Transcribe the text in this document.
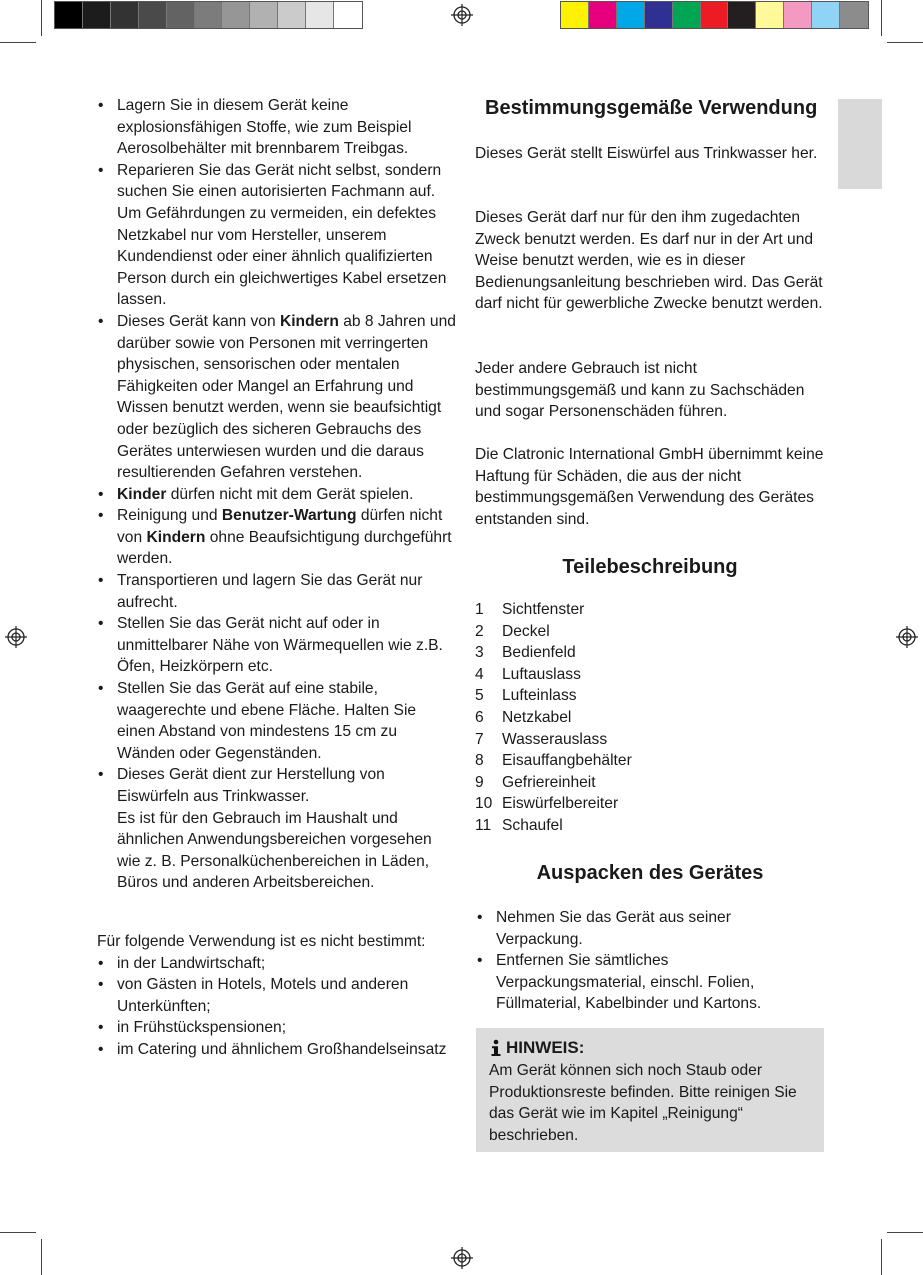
• Lagern Sie in diesem Gerät keine explosionsfähigen Stoffe, wie zum Beispiel Aerosolbehälter mit brennbarem Treibgas.
• Reparieren Sie das Gerät nicht selbst, sondern suchen Sie einen autorisierten Fachmann auf. Um Gefährdungen zu vermeiden, ein defektes Netzkabel nur vom Hersteller, unserem Kundendienst oder einer ähnlich qualifizierten Person durch ein gleichwertiges Kabel ersetzen lassen.
• Dieses Gerät kann von Kindern ab 8 Jahren und darüber sowie von Personen mit verringerten physischen, sensorischen oder mentalen Fähigkeiten oder Mangel an Erfahrung und Wissen benutzt werden, wenn sie beaufsichtigt oder bezüglich des sicheren Gebrauchs des Gerätes unterwiesen wurden und die daraus resultierenden Gefahren verstehen.
• Kinder dürfen nicht mit dem Gerät spielen.
• Reinigung und Benutzer-Wartung dürfen nicht von Kindern ohne Beaufsichtigung durchgeführt werden.
• Transportieren und lagern Sie das Gerät nur aufrecht.
• Stellen Sie das Gerät nicht auf oder in unmittelbarer Nähe von Wärmequellen wie z.B. Öfen, Heizkörpern etc.
• Stellen Sie das Gerät auf eine stabile, waagerechte und ebene Fläche. Halten Sie einen Abstand von mindestens 15 cm zu Wänden oder Gegenständen.
• Dieses Gerät dient zur Herstellung von Eiswürfeln aus Trinkwasser.
Es ist für den Gebrauch im Haushalt und ähnlichen Anwendungsbereichen vorgesehen wie z. B. Personalküchenbereichen in Läden, Büros und anderen Arbeitsbereichen.

Für folgende Verwendung ist es nicht bestimmt:

• in der Landwirtschaft;
• von Gästen in Hotels, Motels und anderen Unterkünften;
• in Frühstückspensionen;
• im Catering und ähnlichem Großhandelseinsatz
Bestimmungsgemäße Verwendung

Dieses Gerät stellt Eiswürfel aus Trinkwasser her.

Dieses Gerät darf nur für den ihm zugedachten Zweck benutzt werden. Es darf nur in der Art und Weise benutzt werden, wie es in dieser Bedienungsanleitung beschrieben wird. Das Gerät darf nicht für gewerbliche Zwecke benutzt werden.

Jeder andere Gebrauch ist nicht bestimmungsgemäß und kann zu Sachschäden und sogar Personenschäden führen.

Die Clatronic International GmbH übernimmt keine Haftung für Schäden, die aus der nicht bestimmungsgemäßen Verwendung des Gerätes entstanden sind.

Teilebeschreibung
1	Sichtfenster
2	Deckel
3	Bedienfeld
4	Luftauslass
5	Lufteinlass
6	Netzkabel
7	Wasserauslass
8	Eisauffangbehälter
9	Gefriereinheit
10 Eiswürfelbereiter
11 Schaufel
Auspacken des Gerätes
• Nehmen Sie das Gerät aus seiner Verpackung.
• Entfernen Sie sämtliches Verpackungsmaterial, einschl. Folien, Füllmaterial, Kabelbinder und Kartons.
HINWEIS:

Am Gerät können sich noch Staub oder Produktionsreste befinden. Bitte reinigen Sie das Gerät wie im Kapitel „Reinigung“ beschrieben.
